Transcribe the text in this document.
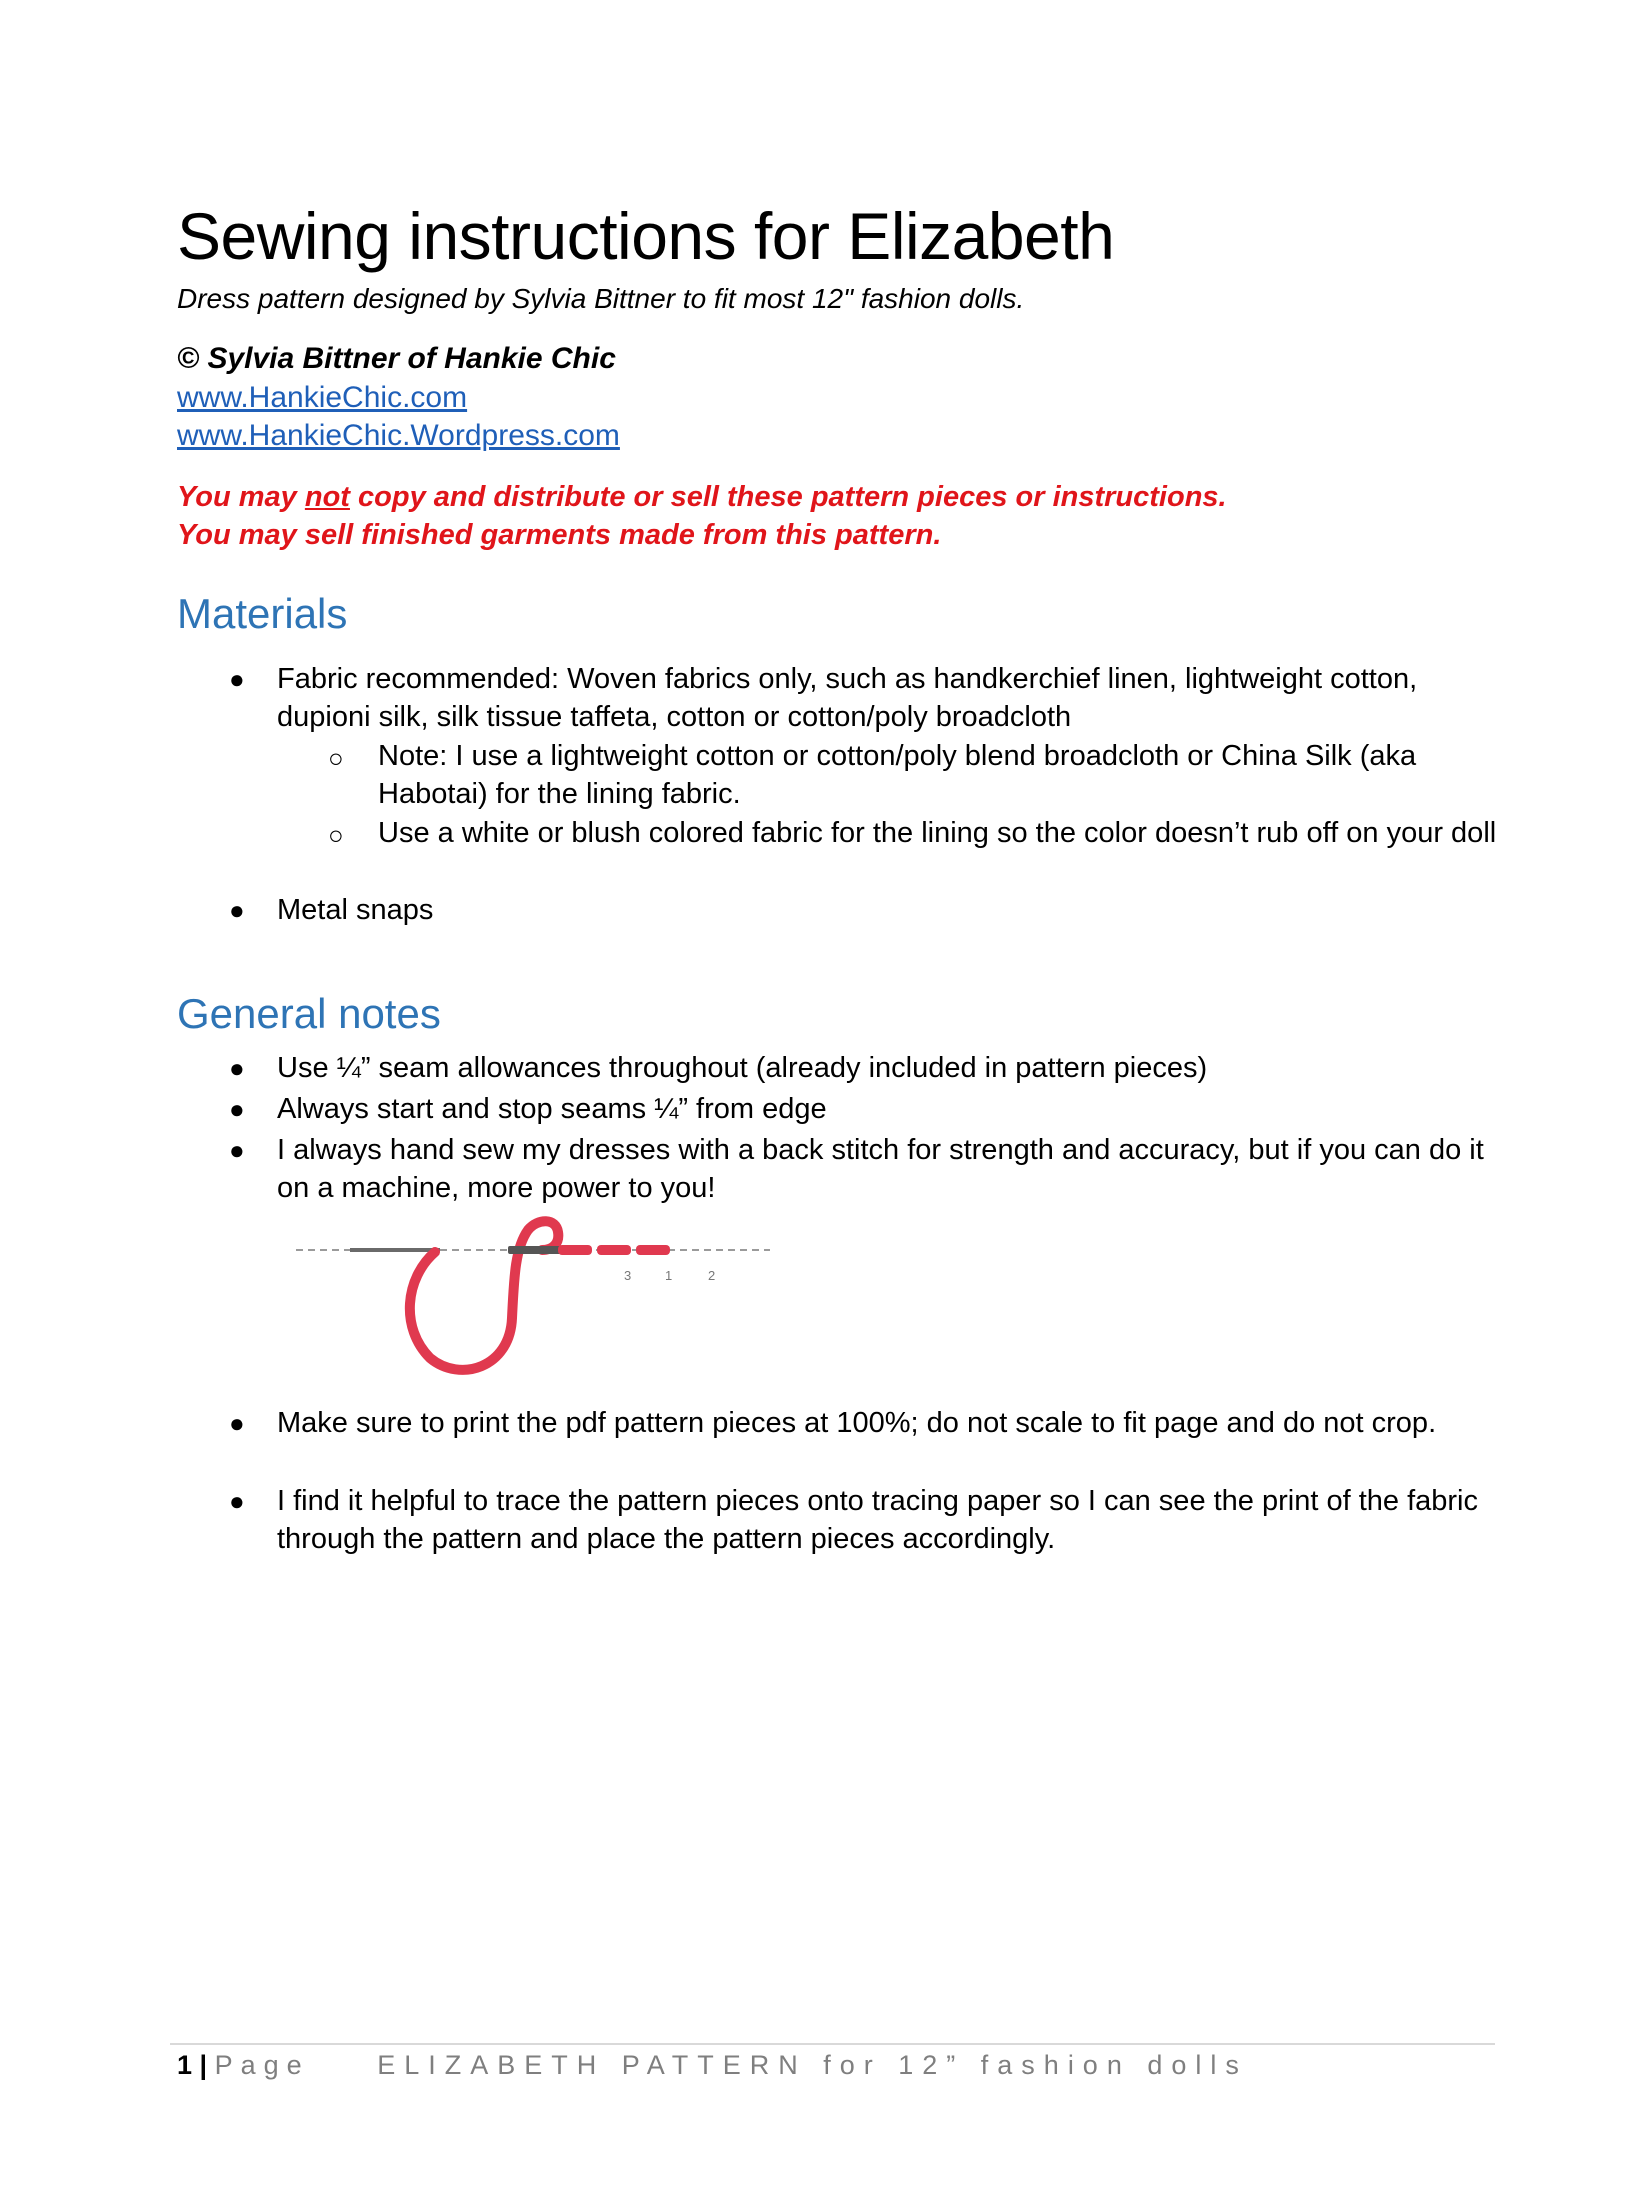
Sewing instructions for Elizabeth
Dress pattern designed by Sylvia Bittner to fit most 12" fashion dolls.
© Sylvia Bittner of Hankie Chic
www.HankieChic.com
www.HankieChic.Wordpress.com
You may not copy and distribute or sell these pattern pieces or instructions.
You may sell finished garments made from this pattern.
Materials
● Fabric recommended: Woven fabrics only, such as handkerchief linen, lightweight cotton, dupioni silk, silk tissue taffeta, cotton or cotton/poly broadcloth
○ Note: I use a lightweight cotton or cotton/poly blend broadcloth or China Silk (aka Habotai) for the lining fabric.
○ Use a white or blush colored fabric for the lining so the color doesn’t rub off on your doll
● Metal snaps
General notes
● Use ¼” seam allowances throughout (already included in pattern pieces)
● Always start and stop seams ¼” from edge
● I always hand sew my dresses with a back stitch for strength and accuracy, but if you can do it on a machine, more power to you!
3	1	2
● Make sure to print the pdf pattern pieces at 100%; do not scale to fit page and do not crop.
● I find it helpful to trace the pattern pieces onto tracing paper so I can see the print of the fabric through the pattern and place the pattern pieces accordingly.
1 | Page	ELIZABETH PATTERN for 12” fashion dolls
